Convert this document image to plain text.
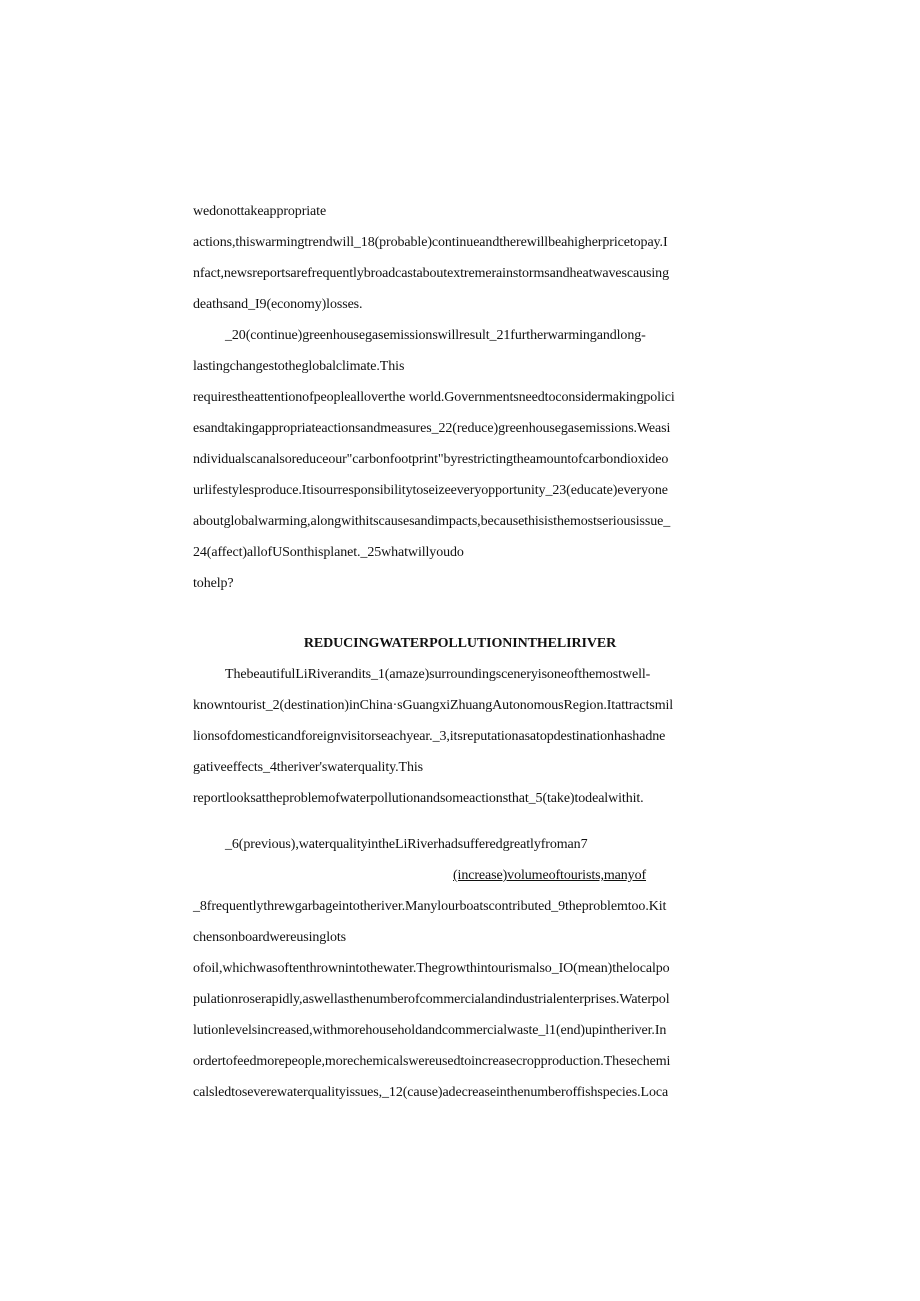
wedonottakeappropriate
actions,thiswarmingtrendwill_18(probable)continueandtherewillbeahigherpricetopay.I
nfact,newsreportsarefrequentlybroadcastaboutextremerainstormsandheatwavescausing
deathsand_I9(economy)losses.
_20(continue)greenhousegasemissionswillresult_21furtherwarmingandlong-
lastingchangestotheglobalclimate.This
requirestheattentionofpeoplealloverthe world.Governmentsneedtoconsidermakingpolici
esandtakingappropriateactionsandmeasures_22(reduce)greenhousegasemissions.Weasi
ndividualscanalsoreduceour"carbonfootprint"byrestrictingtheamountofcarbondioxideo
urlifestylesproduce.Itisourresponsibilitytoseizeeveryopportunity_23(educate)everyone
aboutglobalwarming,alongwithitscausesandimpacts,becausethisisthemostseriousissue_
24(affect)allofUSonthisplanet._25whatwillyoudo
tohelp?
REDUCINGWATERPOLLUTIONINTHELIRIVER
ThebeautifulLiRiverandits_1(amaze)surroundingsceneryisoneofthemostwell-
knowntourist_2(destination)inChina·sGuangxiZhuangAutonomousRegion.Itattractsmil
lionsofdomesticandforeignvisitorseachyear._3,itsreputationasatopdestinationhashadne
gativeeffects_4theriver'swaterquality.This
reportlooksattheproblemofwaterpollutionandsomeactionsthat_5(take)todealwithit.
_6(previous),waterqualityintheLiRiverhadsufferedgreatlyfroman7
(increase)volumeoftourists,manyof
_8frequentlythrewgarbageintotheriver.Manylourboatscontributed_9theproblemtoo.Kit
chensonboardwereusinglots
ofoil,whichwasoftenthrownintothewater.Thegrowthintourismalso_IO(mean)thelocalpo
pulationroserapidly,aswellasthenumberofcommercialandindustrialenterprises.Waterpol
lutionlevelsincreased,withmorehouseholdandcommercialwaste_l1(end)upintheriver.In
ordertofeedmorepeople,morechemicalswereusedtoincreasecropproduction.Thesechemi
calsledtoseverewaterqualityissues,_12(cause)adecreaseinthenumberoffishspecies.Loca
